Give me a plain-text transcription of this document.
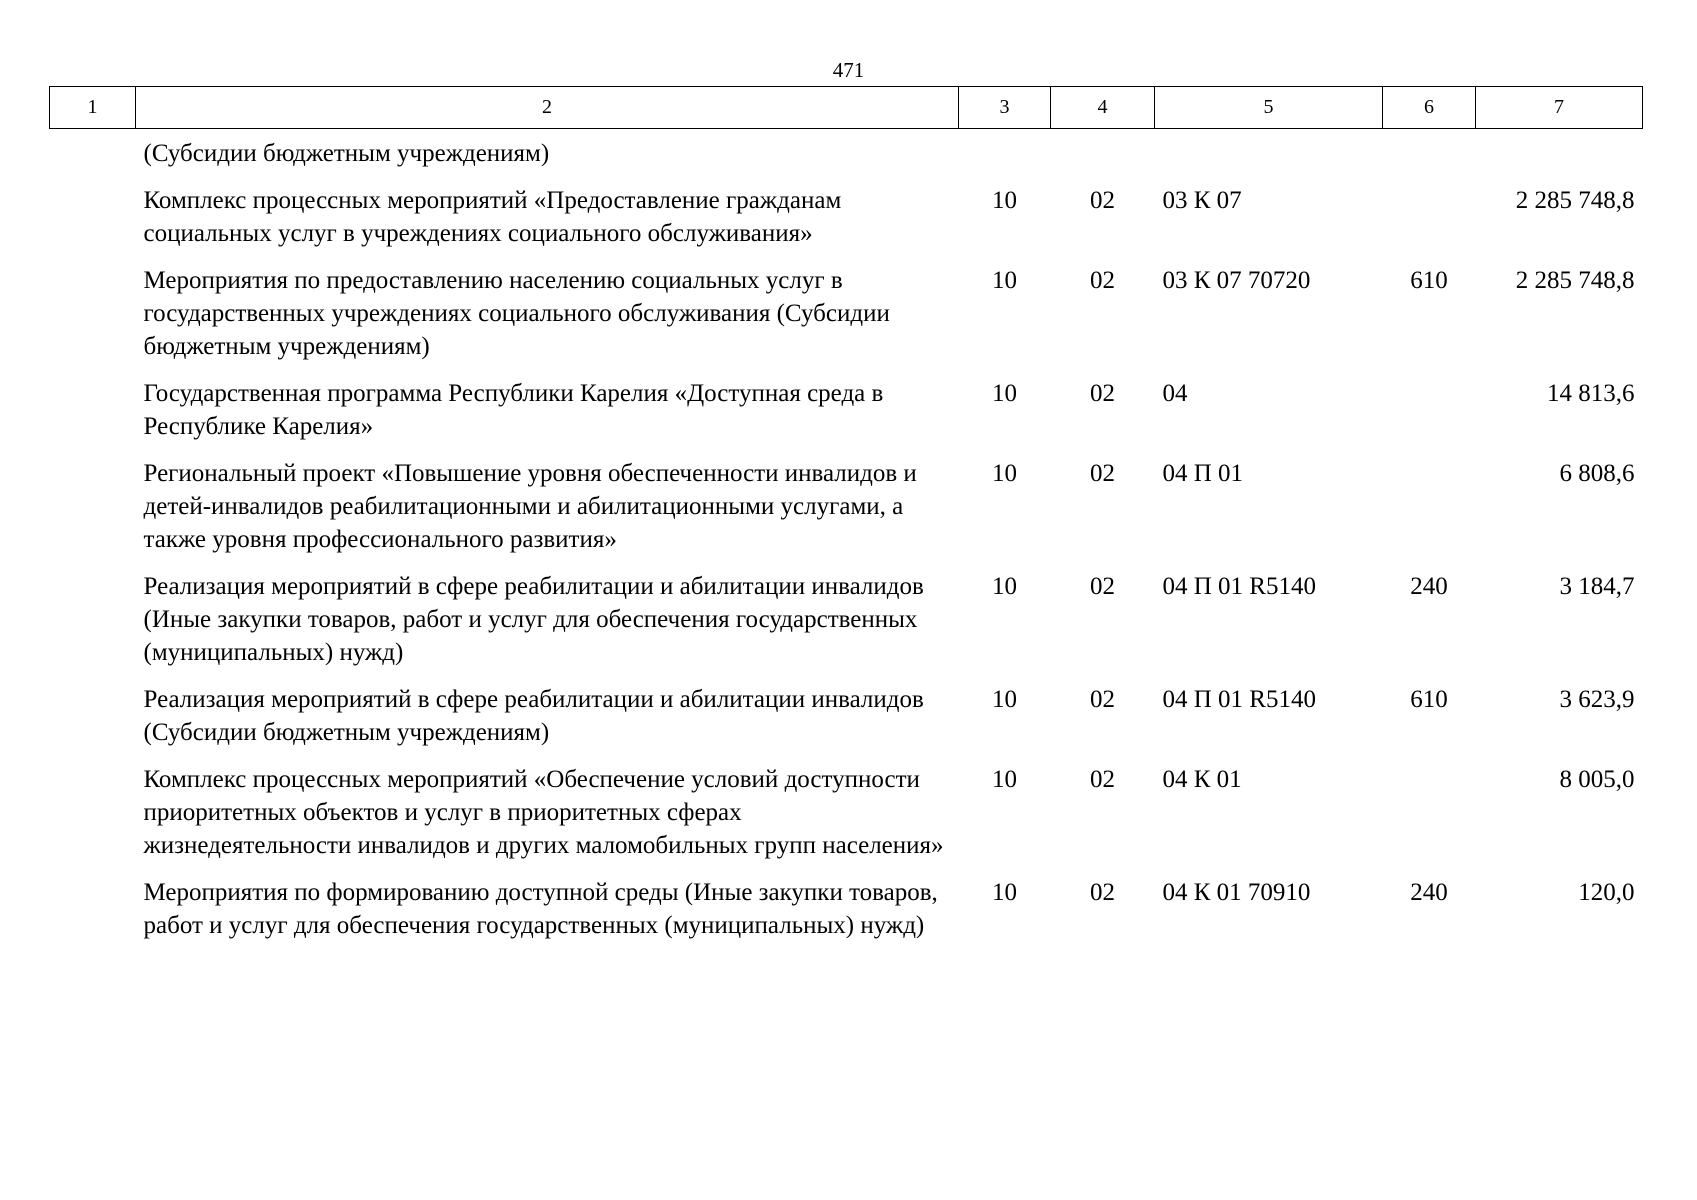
471
1	2	3	4	5	6	7
	(Субсидии бюджетным учреждениям)					
	Комплекс процессных мероприятий «Предоставление гражданам социальных услуг в учреждениях социального обслуживания»	10	02	03 К 07		2 285 748,8
	Мероприятия по предоставлению населению социальных услуг в государственных учреждениях социального обслуживания (Субсидии бюджетным учреждениям)	10	02	03 К 07 70720	610	2 285 748,8
	Государственная программа Республики Карелия «Доступная среда в Республике Карелия»	10	02	04		14 813,6
	Региональный проект «Повышение уровня обеспеченности инвалидов и детей-инвалидов реабилитационными и абилитационными услугами, а также уровня профессионального развития»	10	02	04 П 01		6 808,6
	Реализация мероприятий в сфере реабилитации и абилитации инвалидов (Иные закупки товаров, работ и услуг для обеспечения государственных (муниципальных) нужд)	10	02	04 П 01 R5140	240	3 184,7
	Реализация мероприятий в сфере реабилитации и абилитации инвалидов (Субсидии бюджетным учреждениям)	10	02	04 П 01 R5140	610	3 623,9
	Комплекс процессных мероприятий «Обеспечение условий доступности приоритетных объектов и услуг в приоритетных сферах жизнедеятельности инвалидов и других маломобильных групп населения»	10	02	04 К 01		8 005,0
	Мероприятия по формированию доступной среды (Иные закупки товаров, работ и услуг для обеспечения государственных (муниципальных) нужд)	10	02	04 К 01 70910	240	120,0
